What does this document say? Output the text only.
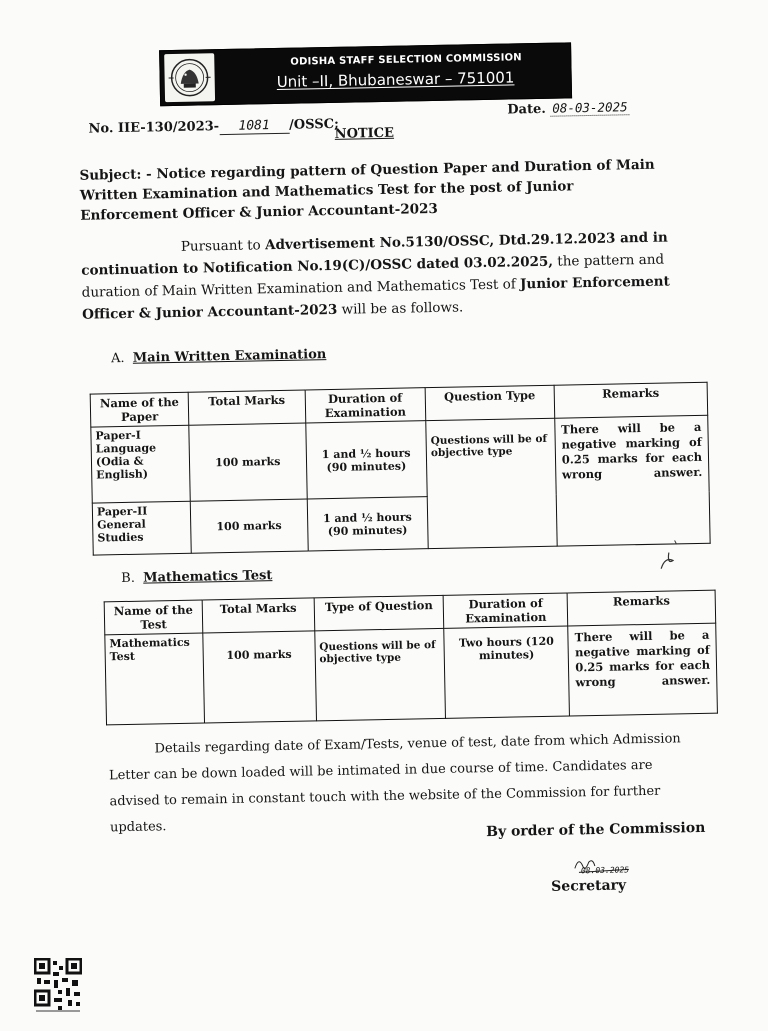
ODISHA STAFF SELECTION COMMISSION
Unit –II, Bhubaneswar – 751001
No. IIE-130/2023- 1081 /OSSC;
Date. 08-03-2025
NOTICE
Subject: - Notice regarding pattern of Question Paper and Duration of Main Written Examination and Mathematics Test for the post of Junior Enforcement Officer & Junior Accountant-2023
Pursuant to Advertisement No.5130/OSSC, Dtd.29.12.2023 and in continuation to Notification No.19(C)/OSSC dated 03.02.2025, the pattern and duration of Main Written Examination and Mathematics Test of Junior Enforcement Officer & Junior Accountant-2023 will be as follows.
A. Main Written Examination
Name of the Paper	Total Marks	Duration of Examination	Question Type	Remarks
Paper-I Language (Odia & English)	100 marks	1 and ½ hours (90 minutes)	Questions will be of objective type	There will be a negative marking of 0.25 marks for each wrong answer.
Paper-II General Studies	100 marks	1 and ½ hours (90 minutes)		
B. Mathematics Test
Name of the Test	Total Marks	Type of Question	Duration of Examination	Remarks
Mathematics Test	100 marks	Questions will be of objective type	Two hours (120 minutes)	There will be a negative marking of 0.25 marks for each wrong answer.
Details regarding date of Exam/Tests, venue of test, date from which Admission Letter can be down loaded will be intimated in due course of time. Candidates are advised to remain in constant touch with the website of the Commission for further updates.	By order of the Commission
08.03.2025
Secretary
